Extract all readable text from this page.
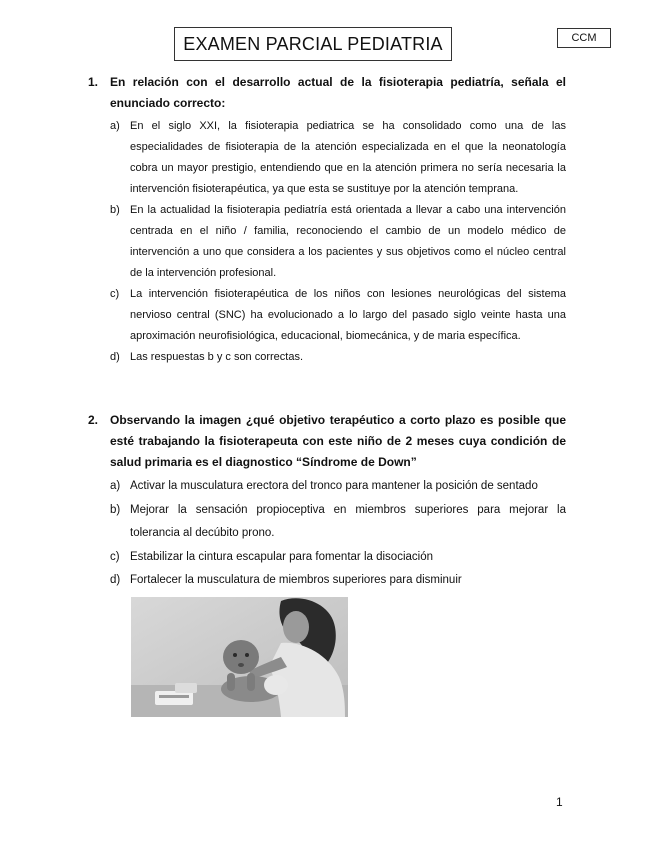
EXAMEN PARCIAL PEDIATRIA	CCM
1. En relación con el desarrollo actual de la fisioterapia pediatría, señala el enunciado correcto:
a) En el siglo XXI, la fisioterapia pediatrica se ha consolidado como una de las especialidades de fisioterapia de la atención especializada en el que la neonatología cobra un mayor prestigio, entendiendo que en la atención primera no sería necesaria la intervención fisioterapéutica, ya que esta se sustituye por la atención temprana.
b) En la actualidad la fisioterapia pediatría está orientada a llevar a cabo una intervención centrada en el niño / familia, reconociendo el cambio de un modelo médico de intervención a uno que considera a los pacientes y sus objetivos como el núcleo central de la intervención profesional.
c) La intervención fisioterapéutica de los niños con lesiones neurológicas del sistema nervioso central (SNC) ha evolucionado a lo largo del pasado siglo veinte hasta una aproximación neurofisiológica, educacional, biomecánica, y de maria específica.
d) Las respuestas b y c son correctas.
2. Observando la imagen ¿qué objetivo terapéutico a corto plazo es posible que esté trabajando la fisioterapeuta con este niño de 2 meses cuya condición de salud primaria es el diagnostico “Síndrome de Down”
a) Activar la musculatura erectora del tronco para mantener la posición de sentado
b) Mejorar la sensación propioceptiva en miembros superiores para mejorar la tolerancia al decúbito prono.
c) Estabilizar la cintura escapular para fomentar la disociación
d) Fortalecer la musculatura de miembros superiores para disminuir
1
